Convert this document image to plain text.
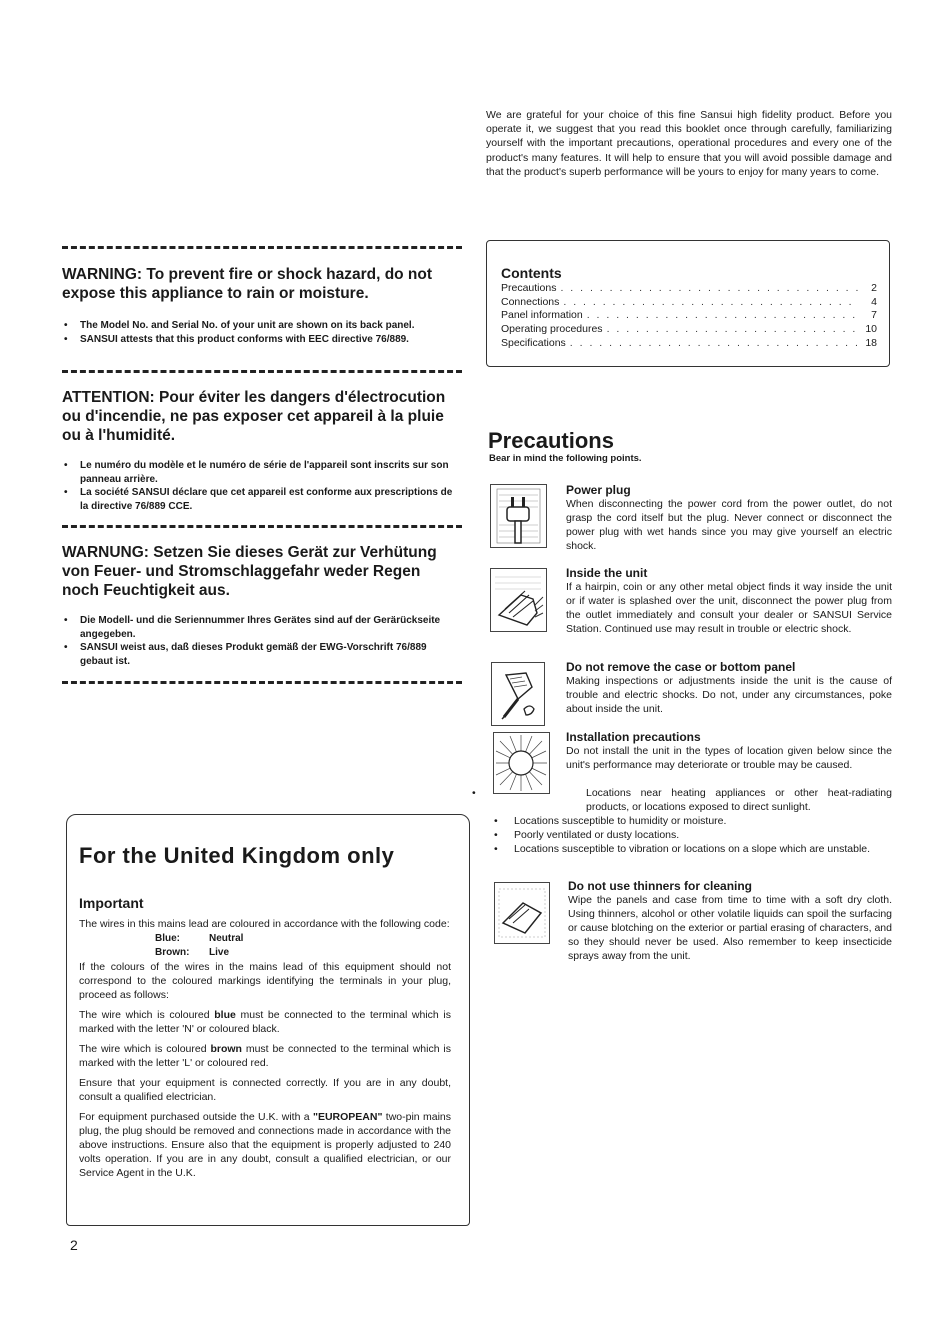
We are grateful for your choice of this fine Sansui high fidelity product. Before you operate it, we suggest that you read this booklet once through carefully, familiarizing yourself with the important precautions, operational procedures and every one of the product's many features. It will help to ensure that you will avoid possible damage and that the product's superb performance will be yours to enjoy for many years to come.
WARNING: To prevent fire or shock hazard, do not expose this appliance to rain or moisture.
• The Model No. and Serial No. of your unit are shown on its back panel.
• SANSUI attests that this product conforms with EEC directive 76/889.
ATTENTION: Pour éviter les dangers d'électrocution ou d'incendie, ne pas exposer cet appareil à la pluie ou à l'humidité.
• Le numéro du modèle et le numéro de série de l'appareil sont inscrits sur son panneau arrière.
• La société SANSUI déclare que cet appareil est conforme aux prescriptions de la directive 76/889 CCE.
WARNUNG: Setzen Sie dieses Gerät zur Verhütung von Feuer- und Stromschlaggefahr weder Regen noch Feuchtigkeit aus.
• Die Modell- und die Seriennummer Ihres Gerätes sind auf der Gerärückseite angegeben.
• SANSUI weist aus, daß dieses Produkt gemäß der EWG-Vorschrift 76/889 gebaut ist.
Contents
Precautions . . .	2
Connections . . .	4
Panel information . . .	7
Operating procedures . . .	10
Specifications . . .	18
Precautions
Bear in mind the following points.
Power plug
When disconnecting the power cord from the power outlet, do not grasp the cord itself but the plug. Never connect or disconnect the power plug with wet hands since you may give yourself an electric shock.
Inside the unit
If a hairpin, coin or any other metal object finds it way inside the unit or if water is splashed over the unit, disconnect the power plug from the outlet immediately and consult your dealer or SANSUI Service Station. Continued use may result in trouble or electric shock.
Do not remove the case or bottom panel
Making inspections or adjustments inside the unit is the cause of trouble and electric shocks. Do not, under any circumstances, poke about inside the unit.
Installation precautions
Do not install the unit in the types of location given below since the unit's performance may deteriorate or trouble may be caused.
•	Locations near heating appliances or other heat-radiating products, or locations exposed to direct sunlight.
• Locations susceptible to humidity or moisture.
• Poorly ventilated or dusty locations.
• Locations susceptible to vibration or locations on a slope which are unstable.
Do not use thinners for cleaning
Wipe the panels and case from time to time with a soft dry cloth. Using thinners, alcohol or other volatile liquids can spoil the surfacing or cause blotching on the exterior or partial erasing of characters, and so they should never be used. Also remember to keep insecticide sprays away from the unit.
For the United Kingdom only
Important

The wires in this mains lead are coloured in accordance with the following code:

Blue:	Neutral
Brown:	Live

If the colours of the wires in the mains lead of this equipment should not correspond to the coloured markings identifying the terminals in your plug, proceed as follows:

The wire which is coloured blue must be connected to the terminal which is marked with the letter 'N' or coloured black.

The wire which is coloured brown must be connected to the terminal which is marked with the letter 'L' or coloured red.

Ensure that your equipment is connected correctly. If you are in any doubt, consult a qualified electrician.

For equipment purchased outside the U.K. with a "EUROPEAN" two-pin mains plug, the plug should be removed and connections made in accordance with the above instructions. Ensure also that the equipment is properly adjusted to 240 volts operation. If you are in any doubt, consult a qualified electrician, or our Service Agent in the U.K.

2
